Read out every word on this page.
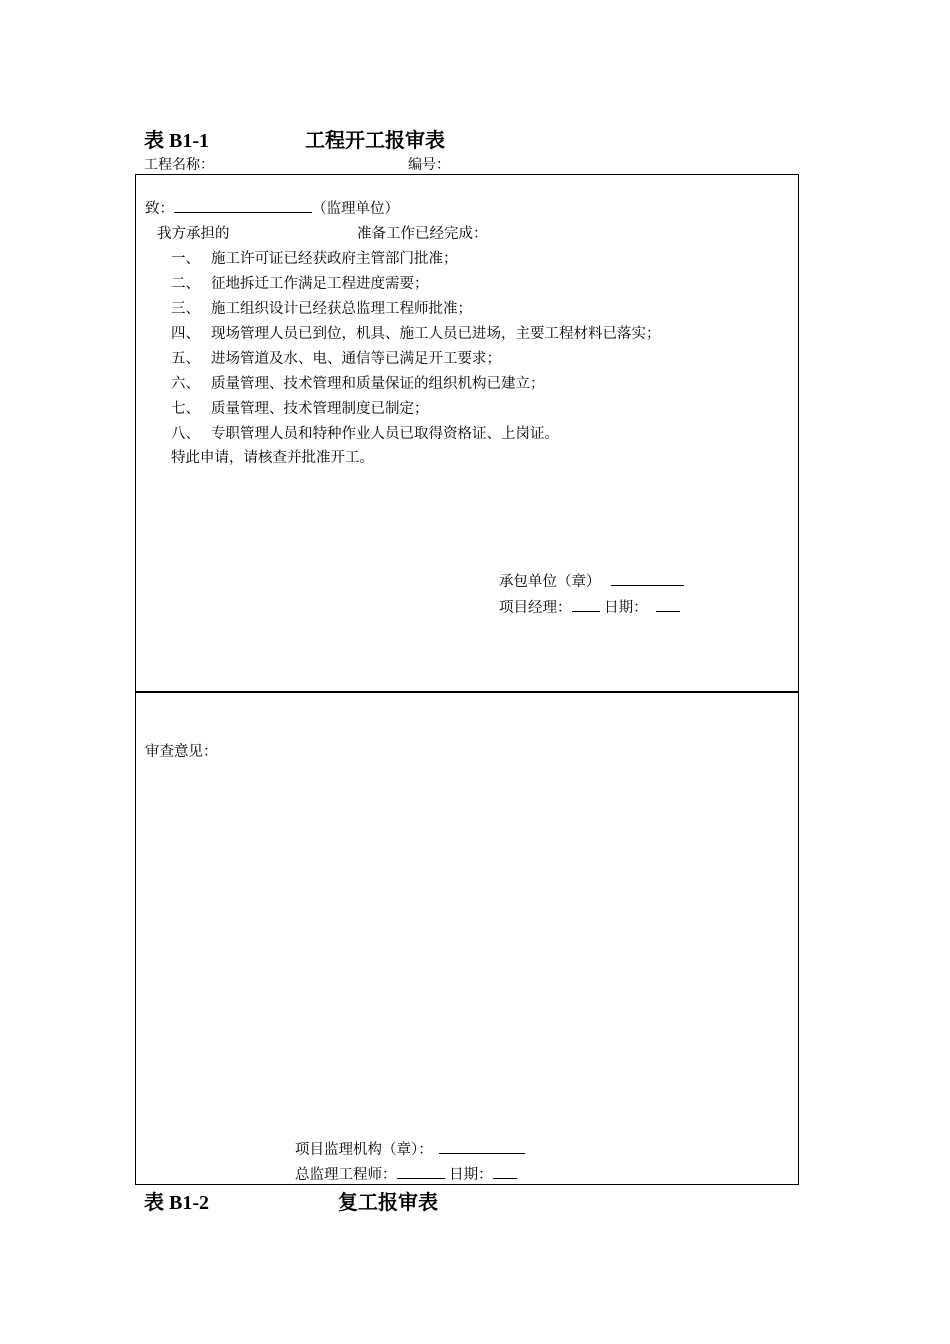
表 B1-1	工程开工报审表
工程名称：	编号：
致：	（监理单位）
我方承担的	准备工作已经完成：
一、 施工许可证已经获政府主管部门批准；
二、 征地拆迁工作满足工程进度需要；
三、 施工组织设计已经获总监理工程师批准；
四、 现场管理人员已到位，机具、施工人员已进场，主要工程材料已落实；
五、 进场管道及水、电、通信等已满足开工要求；
六、 质量管理、技术管理和质量保证的组织机构已建立；
七、 质量管理、技术管理制度已制定；
八、 专职管理人员和特种作业人员已取得资格证、上岗证。
特此申请，请核查并批准开工。
承包单位（章）
项目经理： 日期：
审查意见：
项目监理机构（章）：
总监理工程师：	日期：
表 B1-2	复工报审表
